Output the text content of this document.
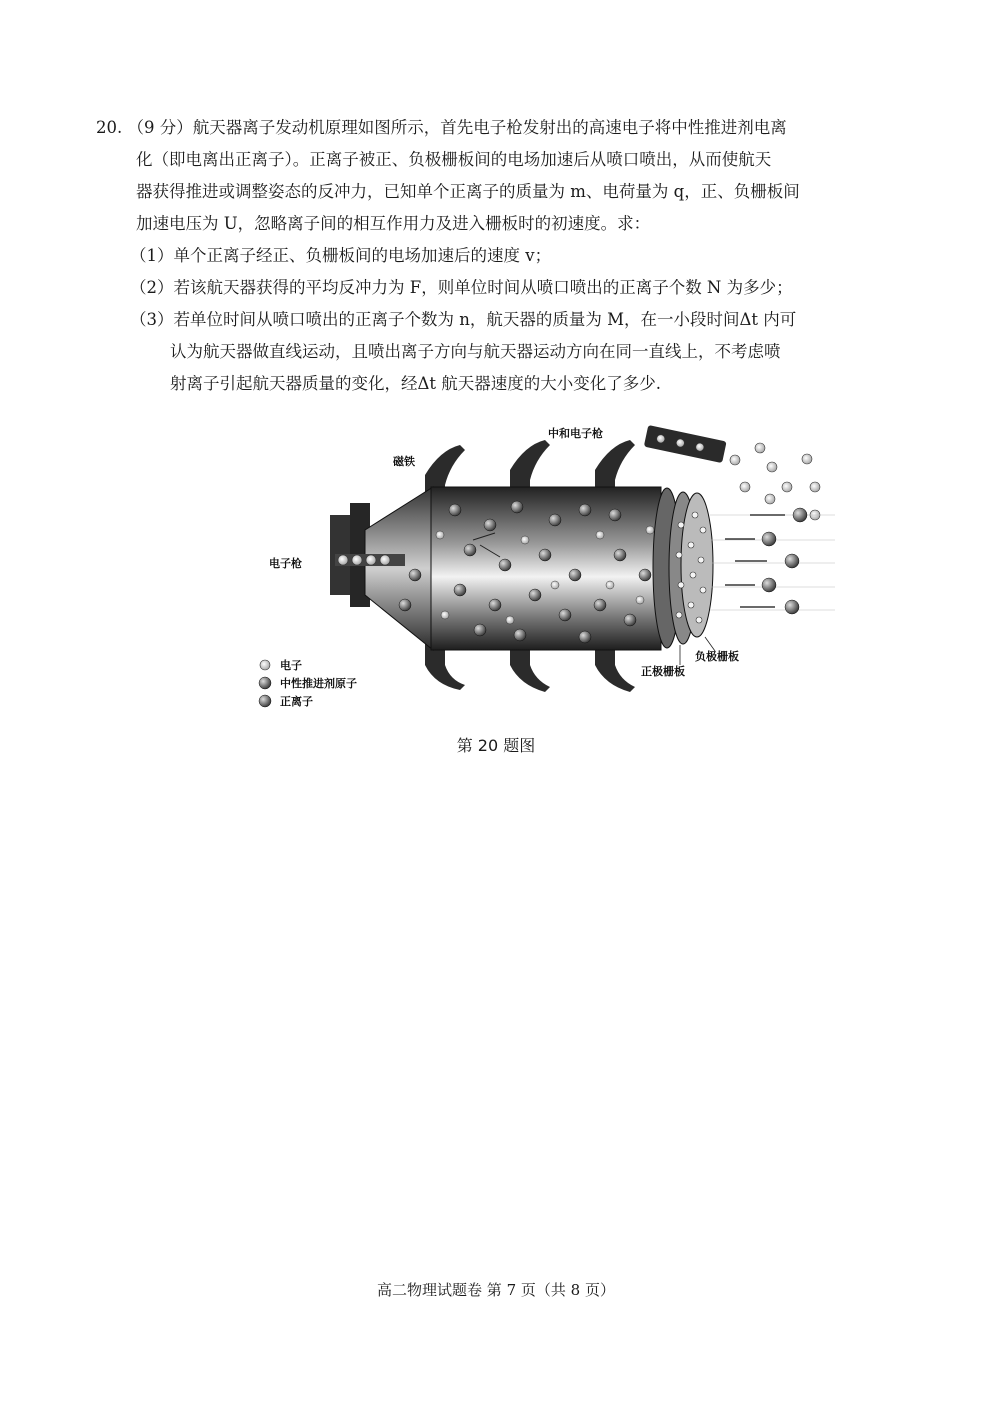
20. （9 分）航天器离子发动机原理如图所示，首先电子枪发射出的高速电子将中性推进剂电离
化（即电离出正离子）。正离子被正、负极栅板间的电场加速后从喷口喷出，从而使航天
器获得推进或调整姿态的反冲力，已知单个正离子的质量为 m、电荷量为 q，正、负栅板间
加速电压为 U，忽略离子间的相互作用力及进入栅板时的初速度。求：
（1）单个正离子经正、负栅板间的电场加速后的速度 v；
（2）若该航天器获得的平均反冲力为 F，则单位时间从喷口喷出的正离子个数 N 为多少；
（3）若单位时间从喷口喷出的正离子个数为 n，航天器的质量为 M，在一小段时间Δt 内可
认为航天器做直线运动，且喷出离子方向与航天器运动方向在同一直线上，不考虑喷
射离子引起航天器质量的变化，经Δt 航天器速度的大小变化了多少.
中和电子枪
磁铁
电子枪
负极栅板
正极栅板
电子
中性推进剂原子
正离子
第 20 题图
高二物理试题卷 第 7 页（共 8 页）
